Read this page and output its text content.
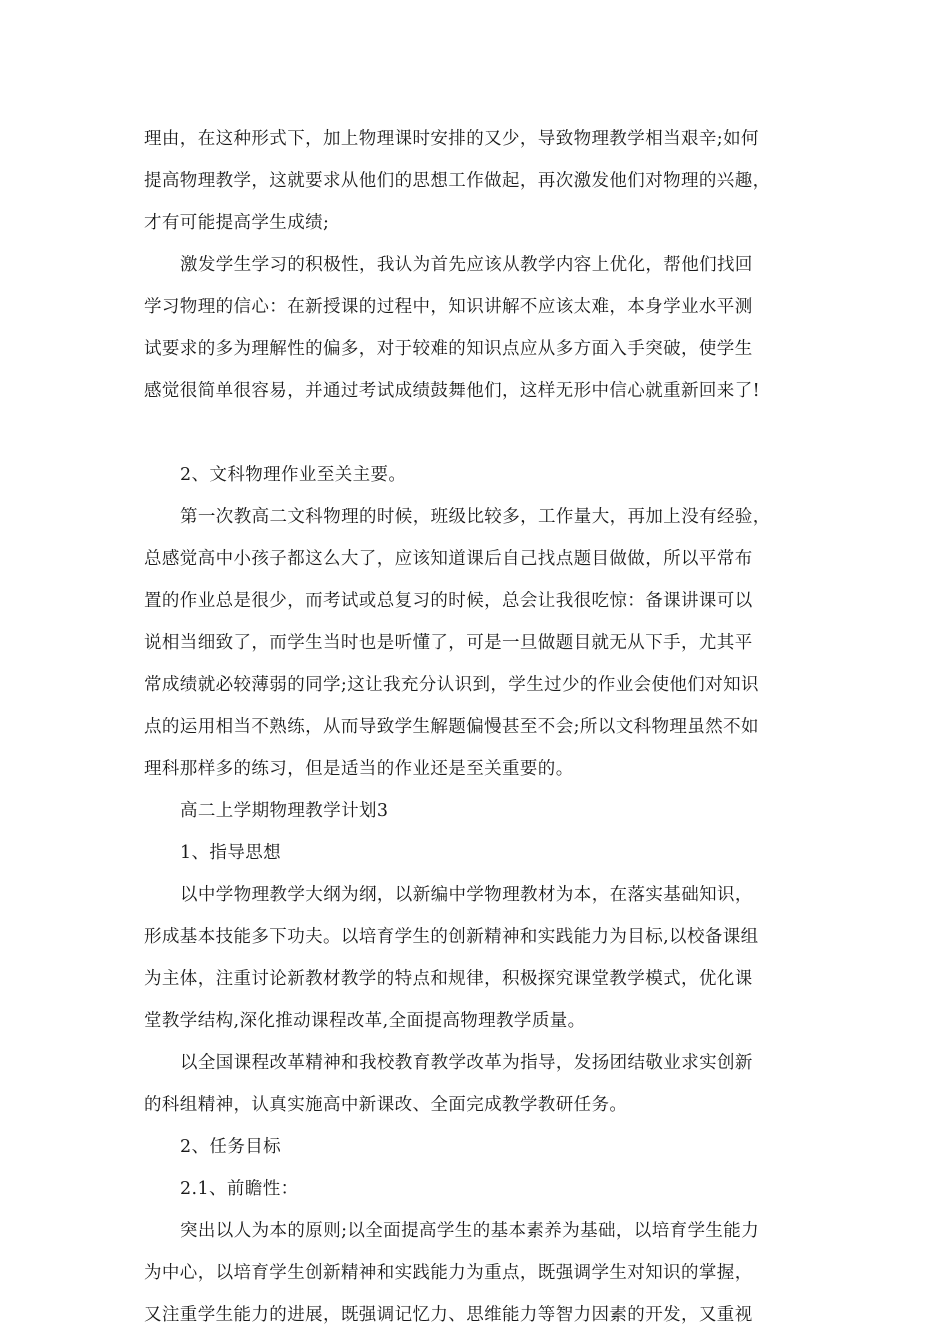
理由，在这种形式下，加上物理课时安排的又少，导致物理教学相当艰辛;如何
提高物理教学，这就要求从他们的思想工作做起，再次激发他们对物理的兴趣，
才有可能提高学生成绩;
激发学生学习的积极性，我认为首先应该从教学内容上优化，帮他们找回
学习物理的信心：在新授课的过程中，知识讲解不应该太难，本身学业水平测
试要求的多为理解性的偏多，对于较难的知识点应从多方面入手突破，使学生
感觉很简单很容易，并通过考试成绩鼓舞他们，这样无形中信心就重新回来了!
2、文科物理作业至关主要。
第一次教高二文科物理的时候，班级比较多，工作量大，再加上没有经验，
总感觉高中小孩子都这么大了，应该知道课后自己找点题目做做，所以平常布
置的作业总是很少，而考试或总复习的时候，总会让我很吃惊：备课讲课可以
说相当细致了，而学生当时也是听懂了，可是一旦做题目就无从下手，尤其平
常成绩就必较薄弱的同学;这让我充分认识到，学生过少的作业会使他们对知识
点的运用相当不熟练，从而导致学生解题偏慢甚至不会;所以文科物理虽然不如
理科那样多的练习，但是适当的作业还是至关重要的。
高二上学期物理教学计划3
1、指导思想
以中学物理教学大纲为纲，以新编中学物理教材为本，在落实基础知识，
形成基本技能多下功夫。以培育学生的创新精神和实践能力为目标,以校备课组
为主体，注重讨论新教材教学的特点和规律，积极探究课堂教学模式，优化课
堂教学结构,深化推动课程改革,全面提高物理教学质量。
以全国课程改革精神和我校教育教学改革为指导，发扬团结敬业求实创新
的科组精神，认真实施高中新课改、全面完成教学教研任务。
2、任务目标
2.1、前瞻性：
突出以人为本的原则;以全面提高学生的基本素养为基础，以培育学生能力
为中心，以培育学生创新精神和实践能力为重点，既强调学生对知识的掌握，
又注重学生能力的进展，既强调记忆力、思维能力等智力因素的开发，又重视
